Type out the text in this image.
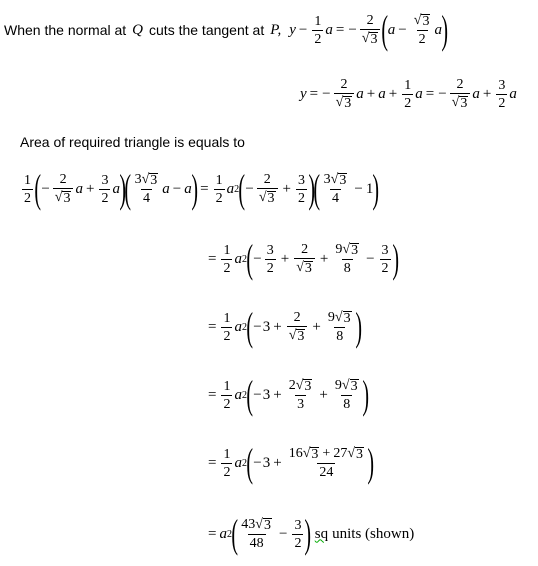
When the normal at Q cuts the tangent at P, $y - \frac{1}{2}$ a = − $\frac{2}{√ 3}$ ( $a - \frac{√ 3}{2}$ a )
y = − $\frac{2}{√ 3}$ $a + a + \frac{1}{2}$ a = − $\frac{2}{√ 3}$ $a + \frac{3}{2}$ a
Area of required triangle is equals to
$\frac{1}{2}$ ( − $\frac{2}{√ 3}$ $a + \frac{3}{2}$ a )
( $\frac{3 √ 3}{4}$ a − a ) = $\frac{1}{2}$ a 2 ( − $\frac{2}{√ 3} + \frac{3}{2}$ )
( $\frac{3 √ 3}{4} - 1$ )
= $\frac{1}{2}$ a 2 ( − $\frac{3}{2} + \frac{2}{√ 3} + \frac{9 √ 3}{8} - \frac{3}{2}$ )
= $\frac{1}{2}$ a 2 ( − $3 + \frac{2}{√ 3} + \frac{9 √ 3}{8}$ )
= $\frac{1}{2}$ a 2 ( − $3 + \frac{2 √ 3}{3} + \frac{9 √ 3}{8}$ )
= $\frac{1}{2}$ a 2 ( − $3 + \frac{16 √ 3 + 27 √ 3}{24}$ )
= a 2 ( $\frac{43 √ 3}{48} - \frac{3}{2}$ ) sq units (shown)
